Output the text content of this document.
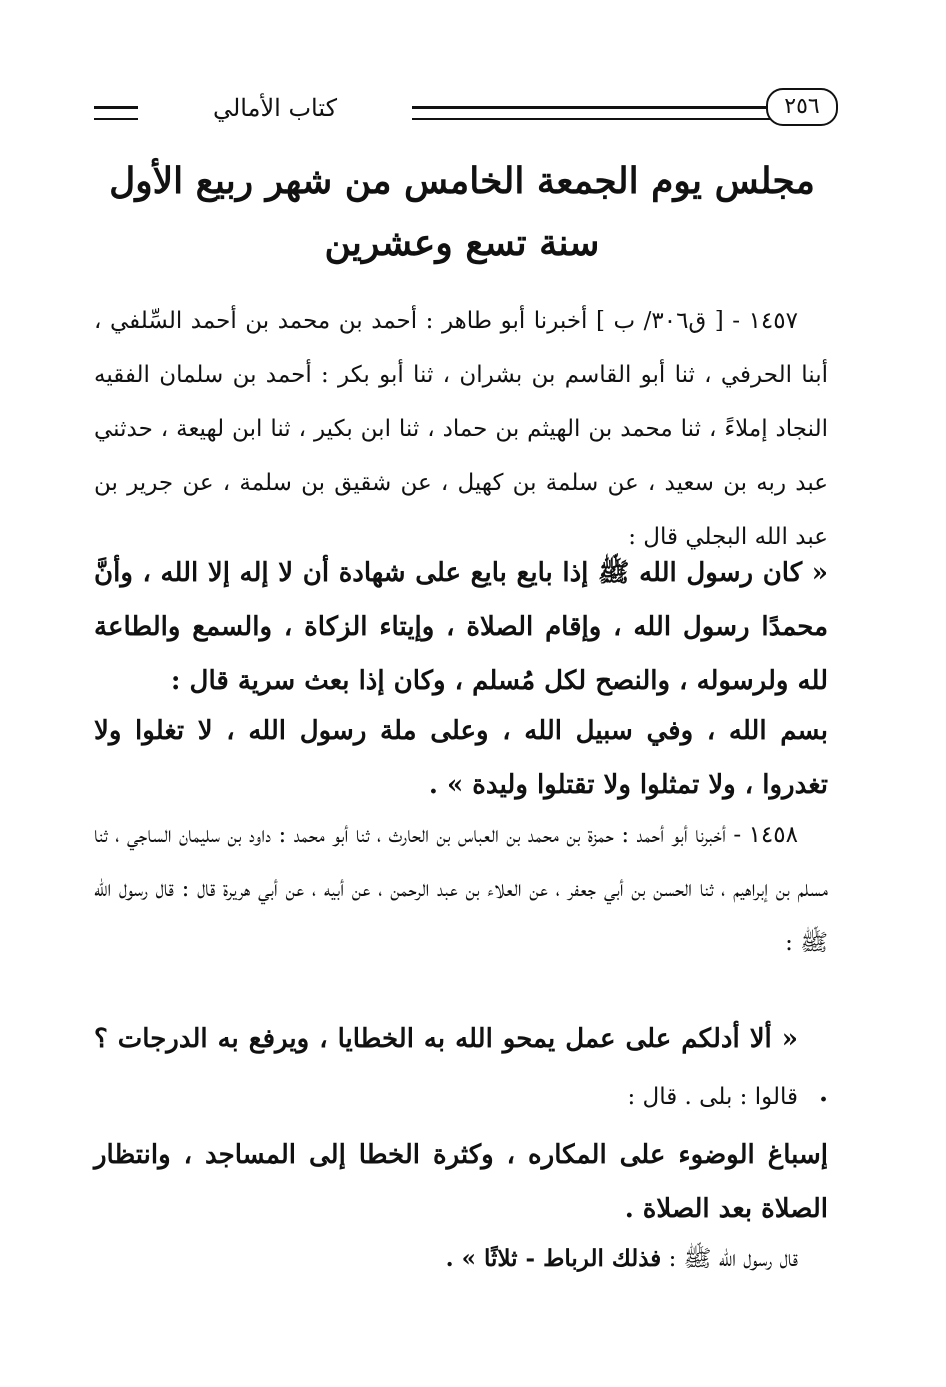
كتاب الأمالي	٢٥٦
مجلس يوم الجمعة الخامس من شهر ربيع الأول
سنة تسع وعشرين
١٤٥٧ - [ ق٣٠٦/ ب ] أخبرنا أبو طاهر : أحمد بن محمد بن أحمد السِّلفي ، أبنا الحرفي ، ثنا أبو القاسم بن بشران ، ثنا أبو بكر : أحمد بن سلمان الفقيه النجاد إملاءً ، ثنا محمد بن الهيثم بن حماد ، ثنا ابن بكير ، ثنا ابن لهيعة ، حدثني عبد ربه بن سعيد ، عن سلمة بن كهيل ، عن شقيق بن سلمة ، عن جرير بن عبد الله البجلي قال :
« كان رسول الله ﷺ إذا بايع بايع على شهادة أن لا إله إلا الله ، وأنَّ محمدًا رسول الله ، وإقام الصلاة ، وإيتاء الزكاة ، والسمع والطاعة لله ولرسوله ، والنصح لكل مُسلم ، وكان إذا بعث سرية قال :
بسم الله ، وفي سبيل الله ، وعلى ملة رسول الله ، لا تغلوا ولا تغدروا ، ولا تمثلوا ولا تقتلوا وليدة » .
١٤٥٨ - أخبرنا أبو أحمد : حمزة بن محمد بن العباس بن الحارث ، ثنا أبو محمد : داود بن سليمان الساجي ، ثنا مسلم بن إبراهيم ، ثنا الحسن بن أبي جعفر ، عن العلاء بن عبد الرحمن ، عن أبيه ، عن أبي هريرة قال : قال رسول الله ﷺ :
« ألا أدلكم على عمل يمحو الله به الخطايا ، ويرفع به الدرجات ؟ .
قالوا : بلى . قال :
إسباغ الوضوء على المكاره ، وكثرة الخطا إلى المساجد ، وانتظار الصلاة بعد الصلاة .
قال رسول الله ﷺ : فذلك الرباط - ثلاثًا » .
